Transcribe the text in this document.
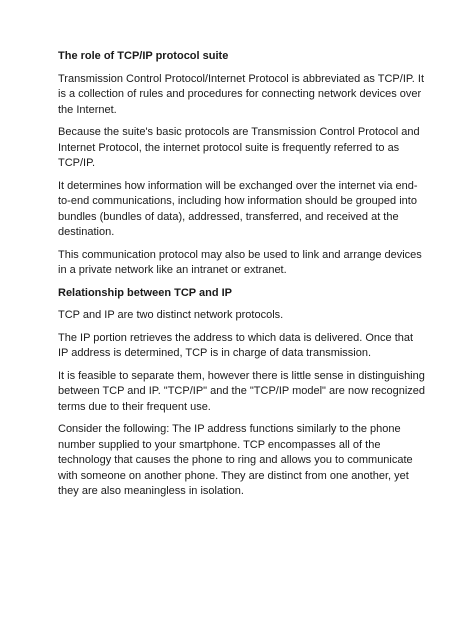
The role of TCP/IP protocol suite
Transmission Control Protocol/Internet Protocol is abbreviated as TCP/IP. It is a collection of rules and procedures for connecting network devices over the Internet.
Because the suite's basic protocols are Transmission Control Protocol and Internet Protocol, the internet protocol suite is frequently referred to as TCP/IP.
It determines how information will be exchanged over the internet via end-to-end communications, including how information should be grouped into bundles (bundles of data), addressed, transferred, and received at the destination.
This communication protocol may also be used to link and arrange devices in a private network like an intranet or extranet.
Relationship between TCP and IP
TCP and IP are two distinct network protocols.
The IP portion retrieves the address to which data is delivered. Once that IP address is determined, TCP is in charge of data transmission.
It is feasible to separate them, however there is little sense in distinguishing between TCP and IP. "TCP/IP" and the "TCP/IP model" are now recognized terms due to their frequent use.
Consider the following: The IP address functions similarly to the phone number supplied to your smartphone. TCP encompasses all of the technology that causes the phone to ring and allows you to communicate with someone on another phone. They are distinct from one another, yet they are also meaningless in isolation.
